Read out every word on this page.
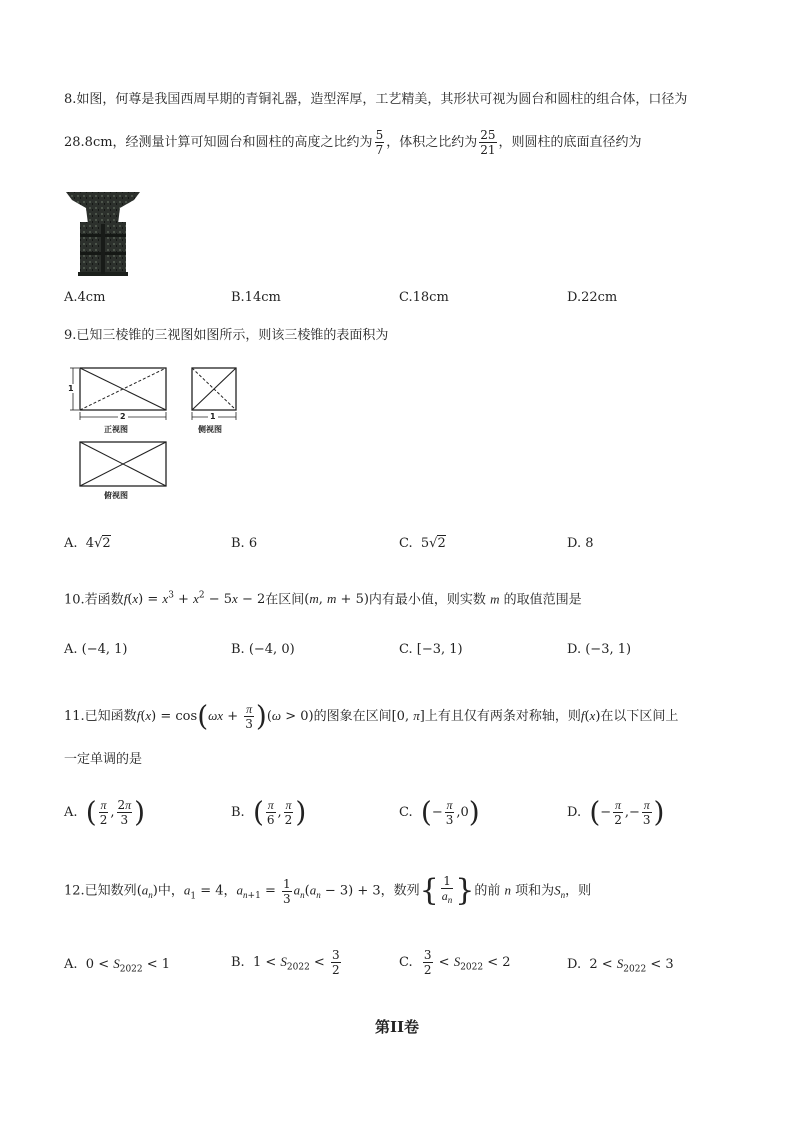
8.如图，何尊是我国西周早期的青铜礼器，造型浑厚，工艺精美，其形状可视为圆台和圆柱的组合体，口径为
28.8cm，经测量计算可知圆台和圆柱的高度之比约为 $\frac{5}{7}$ ，体积之比约为 $\frac{25}{21}$ ，则圆柱的底面直径约为
A.4cm	B.14cm	C.18cm	D.22cm
9.已知三棱锥的三视图如图所示，则该三棱锥的表面积为
1
2	1
正视图	侧视图
俯视图
A. 4√2	B. 6	C. 5√2	D. 8
10.若函数$f(x) = x^3 + x^2 - 5x - 2$在区间(m, m + 5)内有最小值，则实数 m 的取值范围是
A. (−4, 1)	B. (−4, 0)	C. [−3, 1)	D. (−3, 1)
11.已知函数$f(x) = \cos(\omega x + \frac{\pi}{3} )(\omega > 0)$的图象在区间[0, π]上有且仅有两条对称轴，则f(x)在以下区间上
一定单调的是
A.  ( $\frac{\pi}{2}$ , $\frac{2\pi}{3}$ )	B.  ( $\frac{\pi}{6}$ , $\frac{\pi}{2}$ )	C.  (− $\frac{\pi}{3} ,0$)	D.  (− $\frac{\pi}{2}$ ,− $\frac{\pi}{3}$ )
12.已知数列$(a_n)$中，$a_1 = 4$，$a_{n+1} = \frac{1}{3} a_n(a_n - 3) + 3$，数列{ $\frac{1}{a_n}$ }的前 n 项和为$S_n$，则
A.  $0 < S_{2022} < 1$	B.  $1 < S_{2022} < \frac{3}{2}$	C. $\frac{3}{2} < S_{2022} < 2$	D.  $2 < S_{2022} < 3$
第II卷
